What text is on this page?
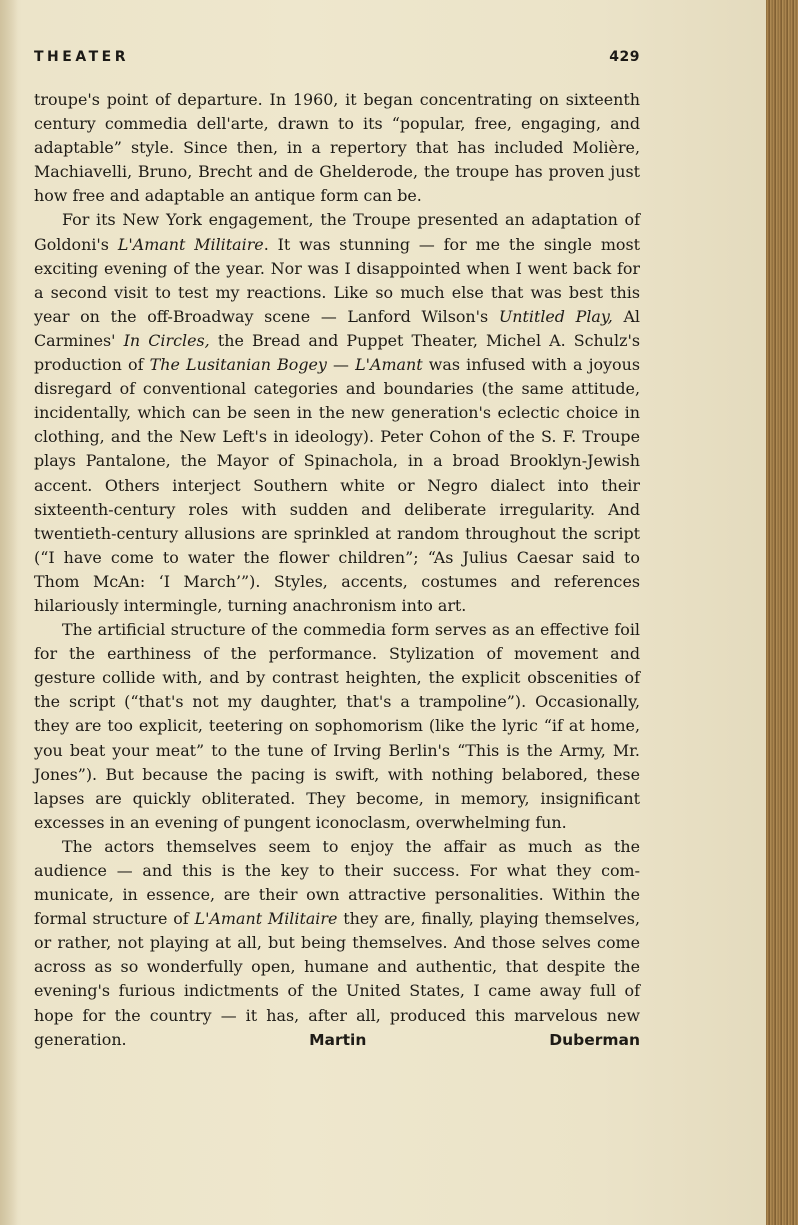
THEATER	429

troupe's point of departure. In 1960, it began concentrating on sixteenth century commedia dell'arte, drawn to its “popular, free, engaging, and adaptable” style. Since then, in a repertory that has included Molière, Machiavelli, Bruno, Brecht and de Ghelderode, the troupe has proven just how free and adaptable an antique form can be.

For its New York engagement, the Troupe presented an adaptation of Goldoni's L'Amant Militaire. It was stunning — for me the single most exciting evening of the year. Nor was I disappointed when I went back for a second visit to test my reactions. Like so much else that was best this year on the off-Broadway scene — Lanford Wilson's Untitled Play, Al Carmines' In Circles, the Bread and Puppet Theater, Michel A. Schulz's production of The Lusitanian Bogey — L'Amant was infused with a joyous disregard of conventional categories and boundaries (the same attitude, incidentally, which can be seen in the new generation's eclectic choice in clothing, and the New Left's in ideology). Peter Cohon of the S. F. Troupe plays Pantalone, the Mayor of Spinachola, in a broad Brooklyn-Jewish accent. Others interject Southern white or Negro dialect into their sixteenth-century roles with sudden and deliberate irregularity. And twentieth-century allusions are sprinkled at random throughout the script (“I have come to water the flower children”; “As Julius Caesar said to Thom McAn: ‘I March’”). Styles, accents, costumes and references hilariously intermingle, turning anachronism into art.

The artificial structure of the commedia form serves as an effective foil for the earthiness of the performance. Stylization of movement and gesture collide with, and by contrast heighten, the explicit obscenities of the script (“that's not my daughter, that's a trampoline”). Occasionally, they are too explicit, teetering on sophomorism (like the lyric “if at home, you beat your meat” to the tune of Irving Berlin's “This is the Army, Mr. Jones”). But because the pacing is swift, with nothing belabored, these lapses are quickly obliterated. They become, in memory, insignificant excesses in an evening of pungent iconoclasm, overwhelming fun.

The actors themselves seem to enjoy the affair as much as the audience — and this is the key to their success. For what they communicate, in essence, are their own attractive personalities. Within the formal structure of L'Amant Militaire they are, finally, playing themselves, or rather, not playing at all, but being themselves. And those selves come across as so wonderfully open, humane and authentic, that despite the evening's furious indictments of the United States, I came away full of hope for the country — it has, after all, produced this marvelous new generation.	Martin Duberman
